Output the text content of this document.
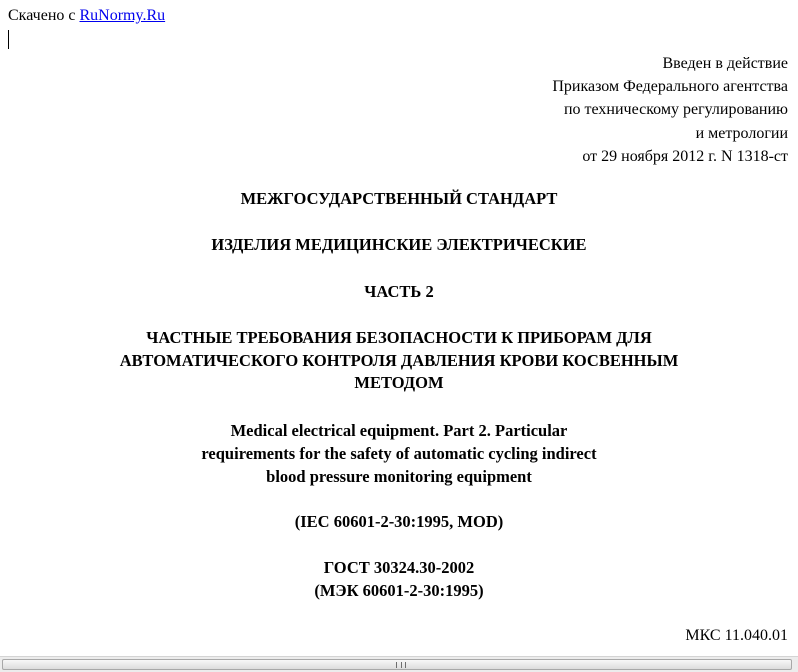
Скачено с RuNormy.Ru
Введен в действие
Приказом Федерального агентства
по техническому регулированию
и метрологии
от 29 ноября 2012 г. N 1318-ст
МЕЖГОСУДАРСТВЕННЫЙ СТАНДАРТ
ИЗДЕЛИЯ МЕДИЦИНСКИЕ ЭЛЕКТРИЧЕСКИЕ
ЧАСТЬ 2
ЧАСТНЫЕ ТРЕБОВАНИЯ БЕЗОПАСНОСТИ К ПРИБОРАМ ДЛЯ
АВТОМАТИЧЕСКОГО КОНТРОЛЯ ДАВЛЕНИЯ КРОВИ КОСВЕННЫМ
МЕТОДОМ
Medical electrical equipment. Part 2. Particular
requirements for the safety of automatic cycling indirect
blood pressure monitoring equipment
(IEC 60601-2-30:1995, MOD)
ГОСТ 30324.30-2002
(МЭК 60601-2-30:1995)
МКС 11.040.01
